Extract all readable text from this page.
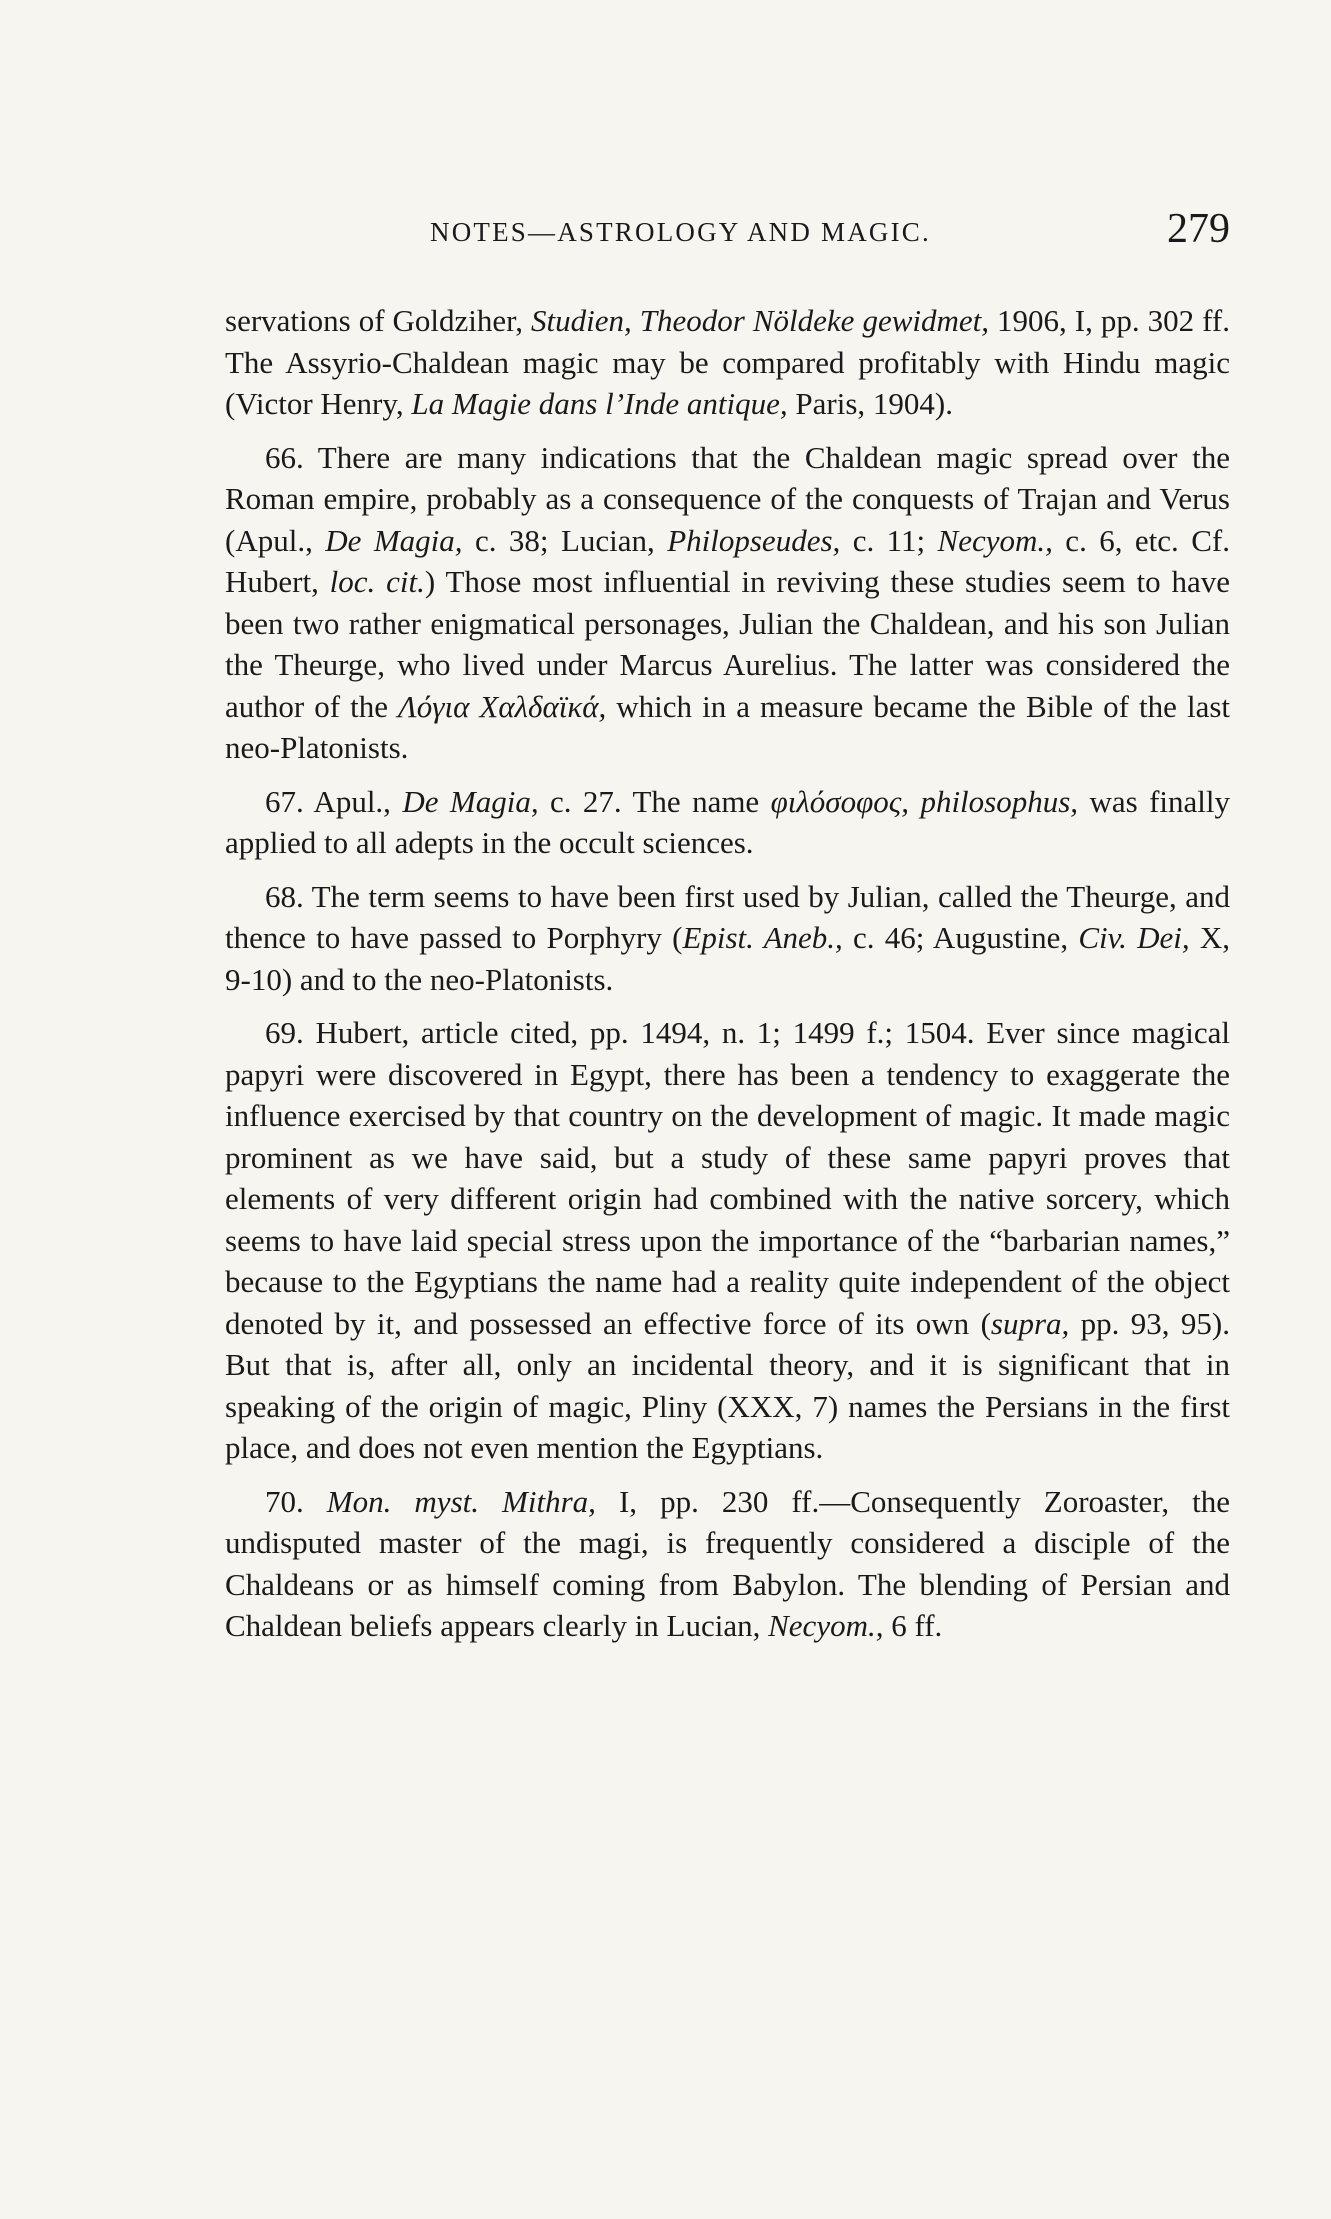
NOTES—ASTROLOGY AND MAGIC.	279

servations of Goldziher, Studien, Theodor Nöldeke gewidmet, 1906, I, pp. 302 ff. The Assyrio-Chaldean magic may be compared profitably with Hindu magic (Victor Henry, La Magie dans l’Inde antique, Paris, 1904).

66. There are many indications that the Chaldean magic spread over the Roman empire, probably as a consequence of the conquests of Trajan and Verus (Apul., De Magia, c. 38; Lucian, Philopseudes, c. 11; Necyom., c. 6, etc. Cf. Hubert, loc. cit.) Those most influential in reviving these studies seem to have been two rather enigmatical personages, Julian the Chaldean, and his son Julian the Theurge, who lived under Marcus Aurelius. The latter was considered the author of the Λόγια Χαλδαϊκά, which in a measure became the Bible of the last neo-Platonists.

67. Apul., De Magia, c. 27. The name φιλόσοφος, philosophus, was finally applied to all adepts in the occult sciences.

68. The term seems to have been first used by Julian, called the Theurge, and thence to have passed to Porphyry (Epist. Aneb., c. 46; Augustine, Civ. Dei, X, 9-10) and to the neo-Platonists.

69. Hubert, article cited, pp. 1494, n. 1; 1499 f.; 1504. Ever since magical papyri were discovered in Egypt, there has been a tendency to exaggerate the influence exercised by that country on the development of magic. It made magic prominent as we have said, but a study of these same papyri proves that elements of very different origin had combined with the native sorcery, which seems to have laid special stress upon the importance of the “barbarian names,” because to the Egyptians the name had a reality quite independent of the object denoted by it, and possessed an effective force of its own (supra, pp. 93, 95). But that is, after all, only an incidental theory, and it is significant that in speaking of the origin of magic, Pliny (XXX, 7) names the Persians in the first place, and does not even mention the Egyptians.

70. Mon. myst. Mithra, I, pp. 230 ff.—Consequently Zoroaster, the undisputed master of the magi, is frequently considered a disciple of the Chaldeans or as himself coming from Babylon. The blending of Persian and Chaldean beliefs appears clearly in Lucian, Necyom., 6 ff.
